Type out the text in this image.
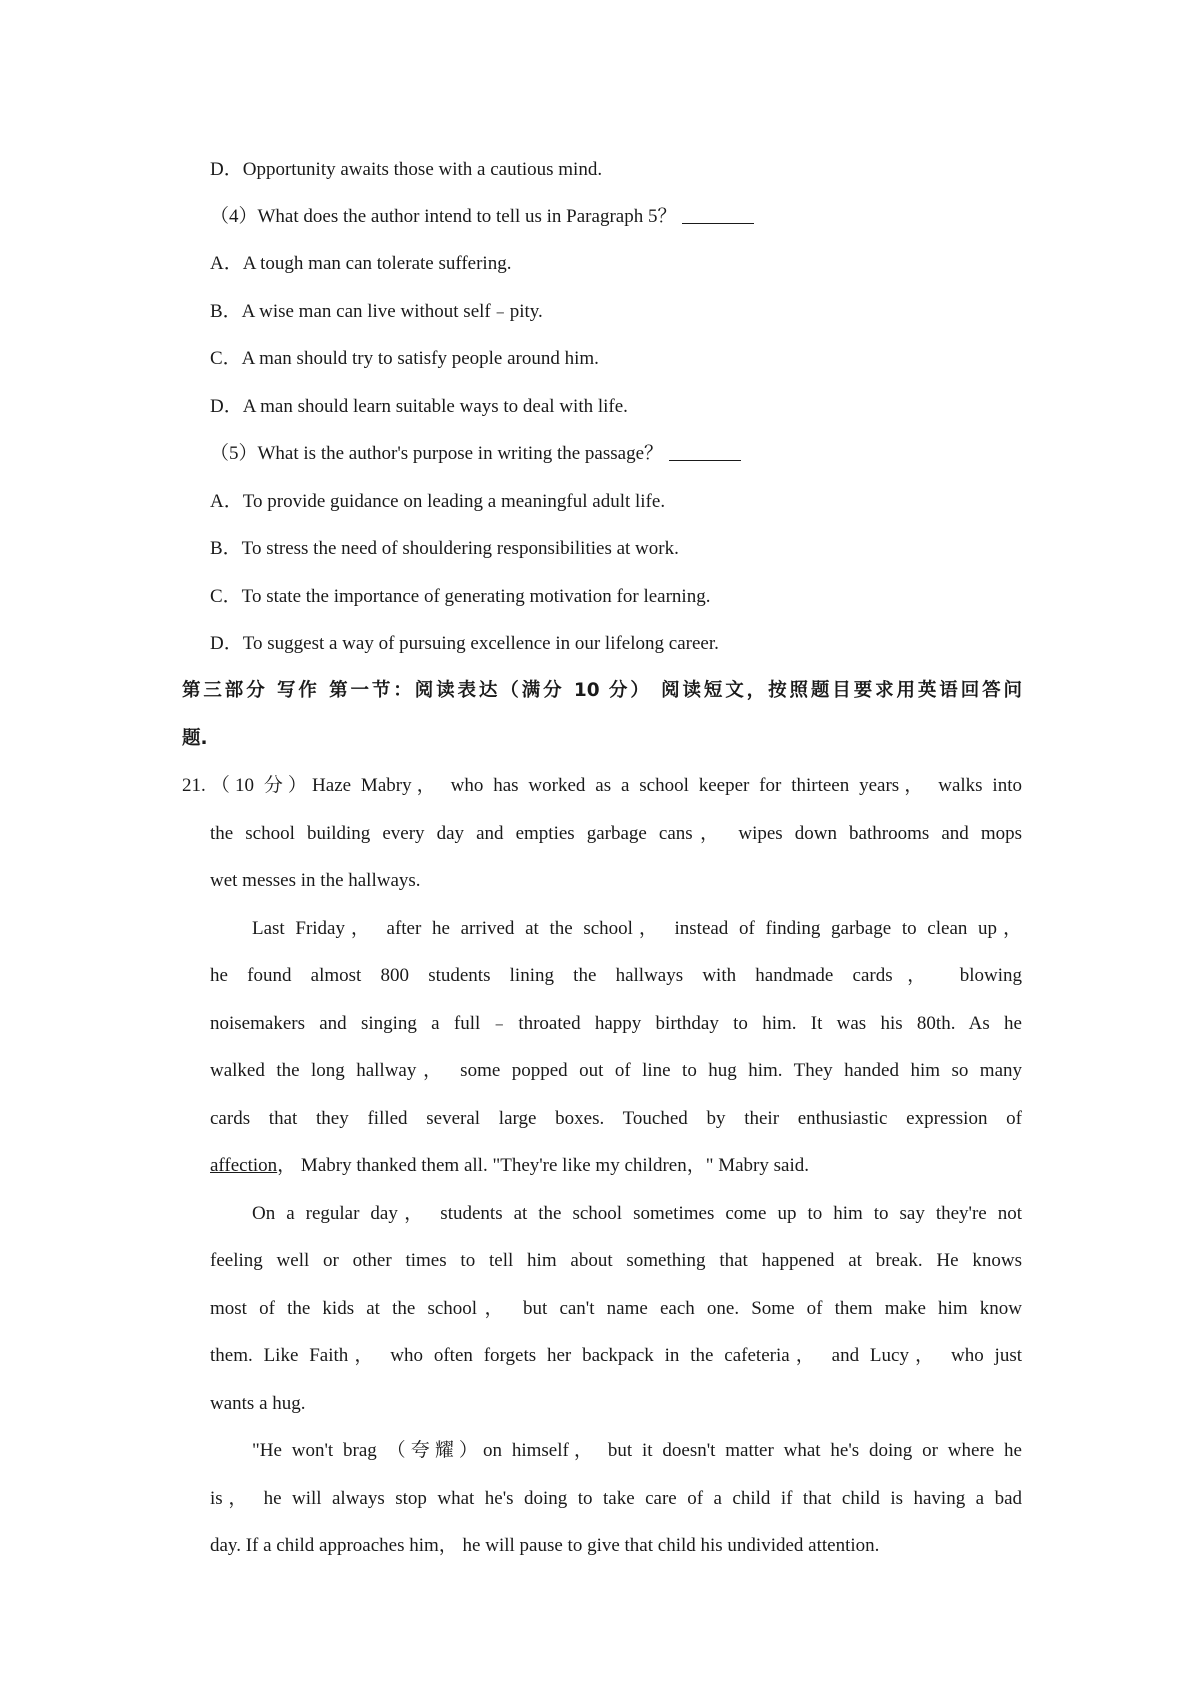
D．Opportunity awaits those with a cautious mind.
（4）What does the author intend to tell us in Paragraph 5？
A．A tough man can tolerate suffering.
B．A wise man can live without self﹣pity.
C．A man should try to satisfy people around him.
D．A man should learn suitable ways to deal with life.
（5）What is the author's purpose in writing the passage？
A．To provide guidance on leading a meaningful adult life.
B．To stress the need of shouldering responsibilities at work.
C．To state the importance of generating motivation for learning.
D．To suggest a way of pursuing excellence in our lifelong career.
第三部分 写作 第一节：阅读表达（满分 10 分） 阅读短文，按照题目要求用英语回答问
题.
21.（10 分）Haze Mabry， who has worked as a school keeper for thirteen years， walks into
the school building every day and empties garbage cans， wipes down bathrooms and mops
wet messes in the hallways.
Last Friday， after he arrived at the school， instead of finding garbage to clean up，
he found almost 800 students lining the hallways with handmade cards， blowing
noisemakers and singing a full﹣throated happy birthday to him. It was his 80th. As he
walked the long hallway， some popped out of line to hug him. They handed him so many
cards that they filled several large boxes. Touched by their enthusiastic expression of
affection， Mabry thanked them all. "They're like my children，" Mabry said.
On a regular day， students at the school sometimes come up to him to say they're not
feeling well or other times to tell him about something that happened at break. He knows
most of the kids at the school， but can't name each one. Some of them make him know
them. Like Faith， who often forgets her backpack in the cafeteria， and Lucy， who just
wants a hug.
"He won't brag （夸耀）on himself， but it doesn't matter what he's doing or where he
is， he will always stop what he's doing to take care of a child if that child is having a bad
day. If a child approaches him， he will pause to give that child his undivided attention.
